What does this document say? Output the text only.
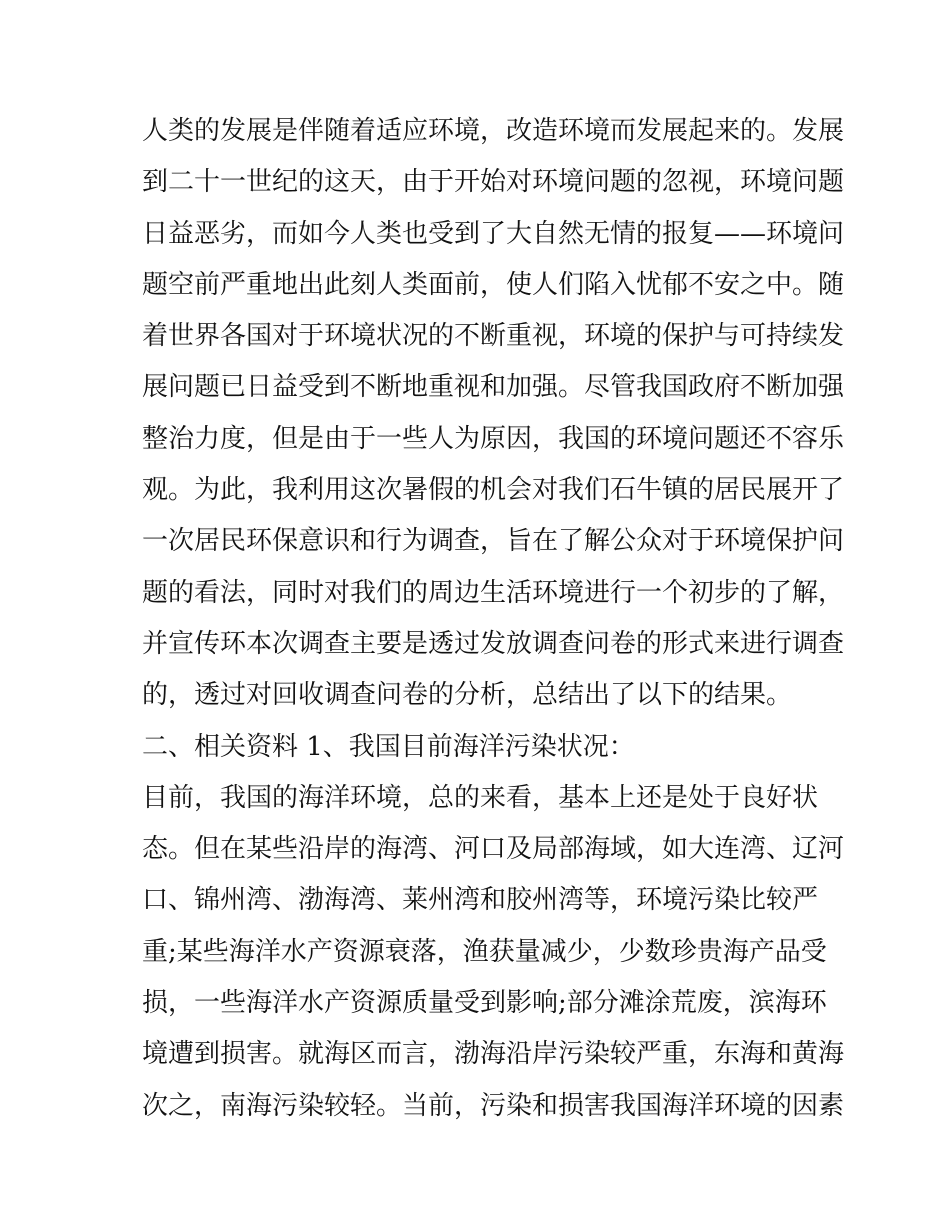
人类的发展是伴随着适应环境，改造环境而发展起来的。发展
到二十一世纪的这天，由于开始对环境问题的忽视，环境问题
日益恶劣，而如今人类也受到了大自然无情的报复——环境问
题空前严重地出此刻人类面前，使人们陷入忧郁不安之中。随
着世界各国对于环境状况的不断重视，环境的保护与可持续发
展问题已日益受到不断地重视和加强。尽管我国政府不断加强
整治力度，但是由于一些人为原因，我国的环境问题还不容乐
观。为此，我利用这次暑假的机会对我们石牛镇的居民展开了
一次居民环保意识和行为调查，旨在了解公众对于环境保护问
题的看法，同时对我们的周边生活环境进行一个初步的了解，
并宣传环本次调查主要是透过发放调查问卷的形式来进行调查
的，透过对回收调查问卷的分析，总结出了以下的结果。
二、相关资料 1、我国目前海洋污染状况：
目前，我国的海洋环境，总的来看，基本上还是处于良好状
态。但在某些沿岸的海湾、河口及局部海域，如大连湾、辽河
口、锦州湾、渤海湾、莱州湾和胶州湾等，环境污染比较严
重;某些海洋水产资源衰落，渔获量减少，少数珍贵海产品受
损，一些海洋水产资源质量受到影响;部分滩涂荒废，滨海环
境遭到损害。就海区而言，渤海沿岸污染较严重，东海和黄海
次之，南海污染较轻。当前，污染和损害我国海洋环境的因素
